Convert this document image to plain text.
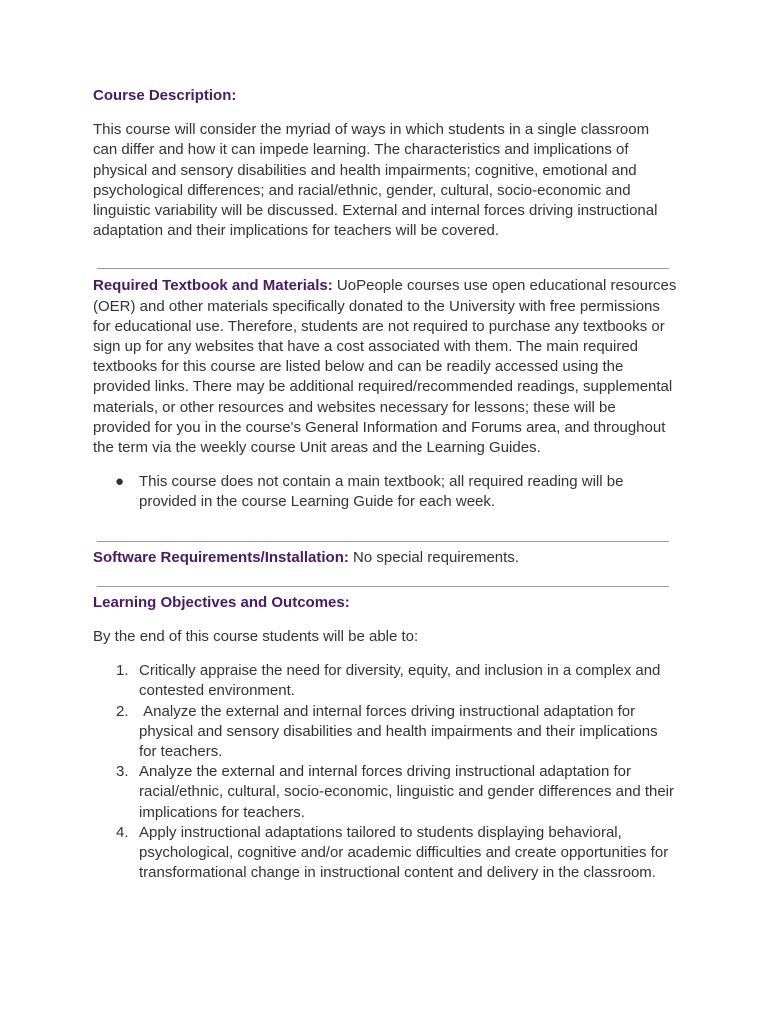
Course Description:

This course will consider the myriad of ways in which students in a single classroom can differ and how it can impede learning. The characteristics and implications of physical and sensory disabilities and health impairments; cognitive, emotional and psychological differences; and racial/ethnic, gender, cultural, socio-economic and linguistic variability will be discussed. External and internal forces driving instructional adaptation and their implications for teachers will be covered.

Required Textbook and Materials: UoPeople courses use open educational resources (OER) and other materials specifically donated to the University with free permissions for educational use. Therefore, students are not required to purchase any textbooks or sign up for any websites that have a cost associated with them. The main required textbooks for this course are listed below and can be readily accessed using the provided links. There may be additional required/recommended readings, supplemental materials, or other resources and websites necessary for lessons; these will be provided for you in the course's General Information and Forums area, and throughout the term via the weekly course Unit areas and the Learning Guides.

● This course does not contain a main textbook; all required reading will be provided in the course Learning Guide for each week.

Software Requirements/Installation: No special requirements.

Learning Objectives and Outcomes:

By the end of this course students will be able to:

1. Critically appraise the need for diversity, equity, and inclusion in a complex and contested environment.
2. Analyze the external and internal forces driving instructional adaptation for physical and sensory disabilities and health impairments and their implications for teachers.
3. Analyze the external and internal forces driving instructional adaptation for racial/ethnic, cultural, socio-economic, linguistic and gender differences and their implications for teachers.
4. Apply instructional adaptations tailored to students displaying behavioral, psychological, cognitive and/or academic difficulties and create opportunities for transformational change in instructional content and delivery in the classroom.
